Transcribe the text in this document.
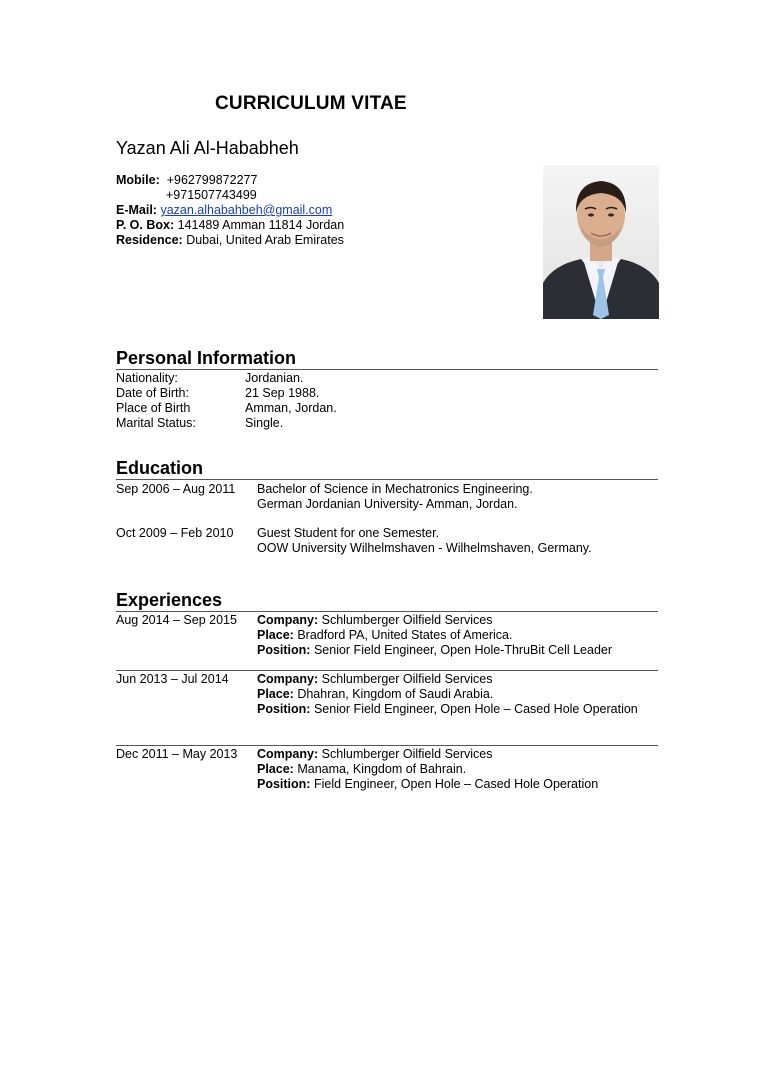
CURRICULUM VITAE
Yazan Ali Al-Hababheh
Mobile: +962799872277
+971507743499
E-Mail: yazan.alhabahbeh@gmail.com
P. O. Box: 141489 Amman 11814 Jordan
Residence: Dubai, United Arab Emirates
Personal Information
Nationality:	Jordanian.
Date of Birth:	21 Sep 1988.
Place of Birth	Amman, Jordan.
Marital Status:	Single.
Education
Sep 2006 – Aug 2011 Bachelor of Science in Mechatronics Engineering.
German Jordanian University- Amman, Jordan.
Oct 2009 – Feb 2010 Guest Student for one Semester.
OOW University Wilhelmshaven - Wilhelmshaven, Germany.
Experiences
Aug 2014 – Sep 2015 Company: Schlumberger Oilfield Services
Place: Bradford PA, United States of America.
Position: Senior Field Engineer, Open Hole-ThruBit Cell Leader
Jun 2013 – Jul 2014 Company: Schlumberger Oilfield Services
Place: Dhahran, Kingdom of Saudi Arabia.
Position: Senior Field Engineer, Open Hole – Cased Hole Operation
Dec 2011 – May 2013 Company: Schlumberger Oilfield Services
Place: Manama, Kingdom of Bahrain.
Position: Field Engineer, Open Hole – Cased Hole Operation
